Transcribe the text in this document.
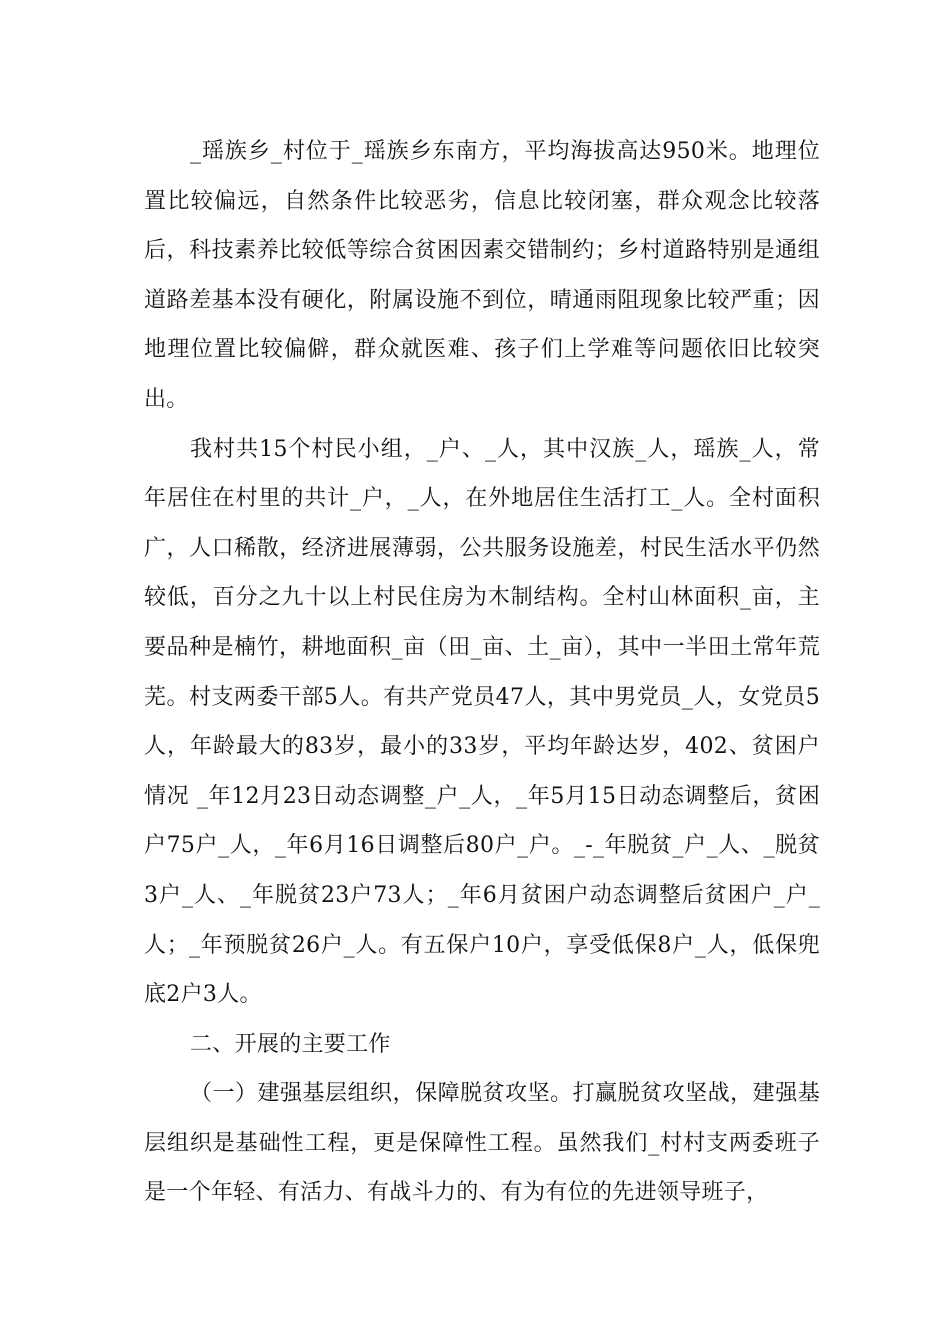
_瑶族乡_村位于_瑶族乡东南方，平均海拔高达950米。地理位置比较偏远，自然条件比较恶劣，信息比较闭塞，群众观念比较落后，科技素养比较低等综合贫困因素交错制约；乡村道路特别是通组道路差基本没有硬化，附属设施不到位，晴通雨阻现象比较严重；因地理位置比较偏僻，群众就医难、孩子们上学难等问题依旧比较突出。

我村共15个村民小组，_户、_人，其中汉族_人，瑶族_人，常年居住在村里的共计_户，_人，在外地居住生活打工_人。全村面积广，人口稀散，经济进展薄弱，公共服务设施差，村民生活水平仍然较低，百分之九十以上村民住房为木制结构。全村山林面积_亩，主要品种是楠竹，耕地面积_亩（田_亩、土_亩），其中一半田土常年荒芜。村支两委干部5人。有共产党员47人，其中男党员_人，女党员5人，年龄最大的83岁，最小的33岁，平均年龄达岁，402、贫困户情况 _年12月23日动态调整_户_人，_年5月15日动态调整后，贫困户75户_人，_年6月16日调整后80户_户。_-_年脱贫_户_人、_脱贫3户_人、_年脱贫23户73人；_年6月贫困户动态调整后贫困户_户_人；_年预脱贫26户_人。有五保户10户，享受低保8户_人，低保兜底2户3人。

二、开展的主要工作

（一）建强基层组织，保障脱贫攻坚。打赢脱贫攻坚战，建强基层组织是基础性工程，更是保障性工程。虽然我们_村村支两委班子是一个年轻、有活力、有战斗力的、有为有位的先进领导班子，
